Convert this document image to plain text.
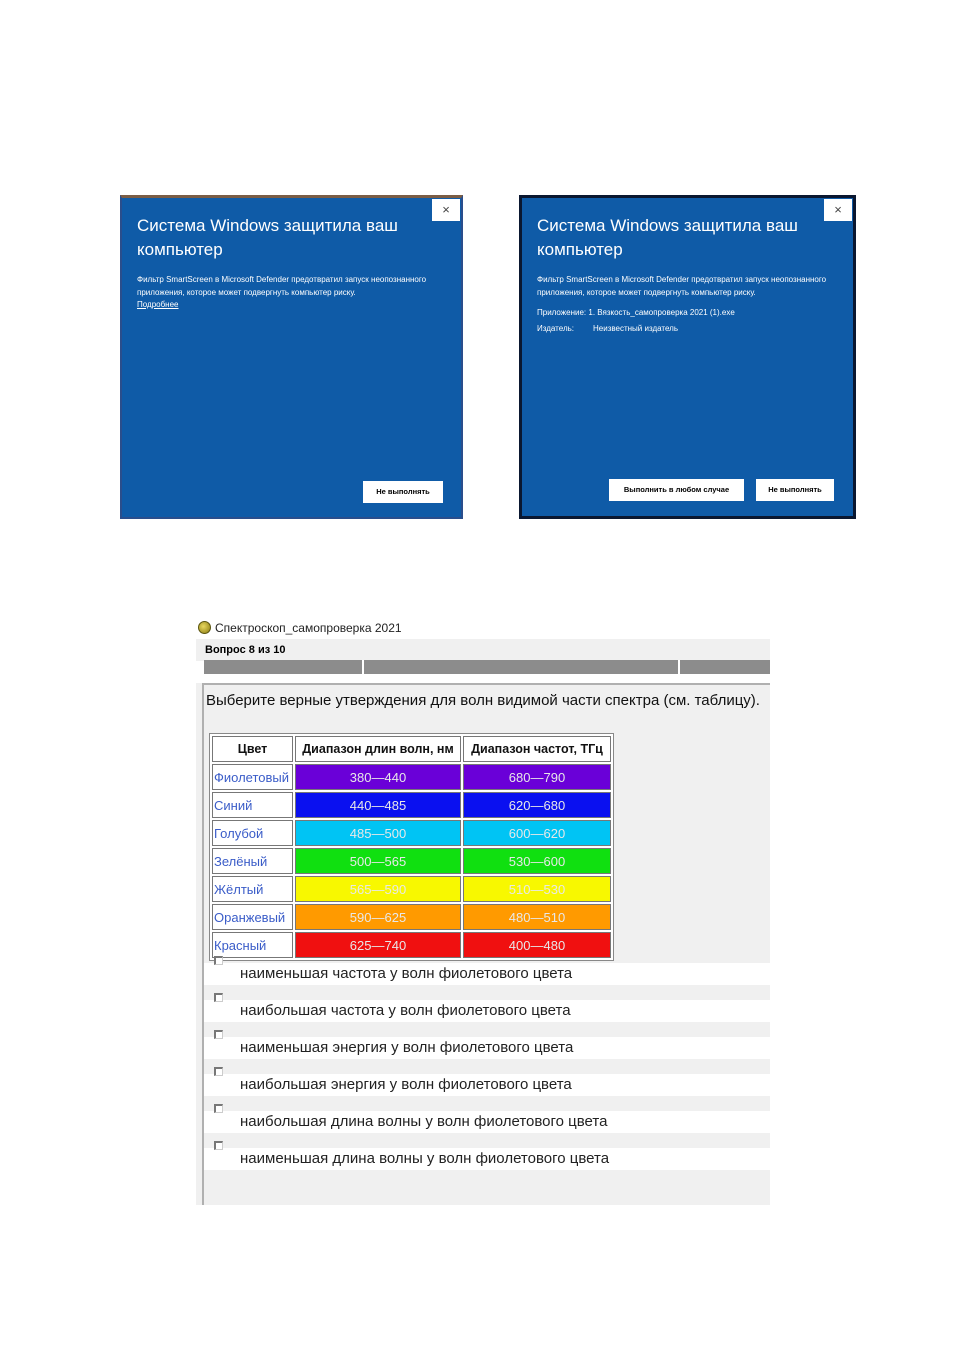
×
Система Windows защитила ваш компьютер
Фильтр SmartScreen в Microsoft Defender предотвратил запуск неопознанного приложения, которое может подвергнуть компьютер риску.
Подробнее
Не выполнять
×
Система Windows защитила ваш компьютер
Фильтр SmartScreen в Microsoft Defender предотвратил запуск неопознанного приложения, которое может подвергнуть компьютер риску.
Приложение: 1. Вязкость_самопроверка 2021 (1).exe
Издатель: Неизвестный издатель
Выполнить в любом случае	Не выполнять
Спектроскоп_самопроверка 2021
Вопрос 8 из 10
Выберите верные утверждения для волн видимой части спектра (см. таблицу).
Цвет	Диапазон длин волн, нм	Диапазон частот, ТГц
Фиолетовый	380—440	680—790
Синий	440—485	620—680
Голубой	485—500	600—620
Зелёный	500—565	530—600
Жёлтый	565—590	510—530
Оранжевый	590—625	480—510
Красный	625—740	400—480
наименьшая частота у волн фиолетового цвета
наибольшая частота у волн фиолетового цвета
наименьшая энергия у волн фиолетового цвета
наибольшая энергия у волн фиолетового цвета
наибольшая длина волны у волн фиолетового цвета
наименьшая длина волны у волн фиолетового цвета
